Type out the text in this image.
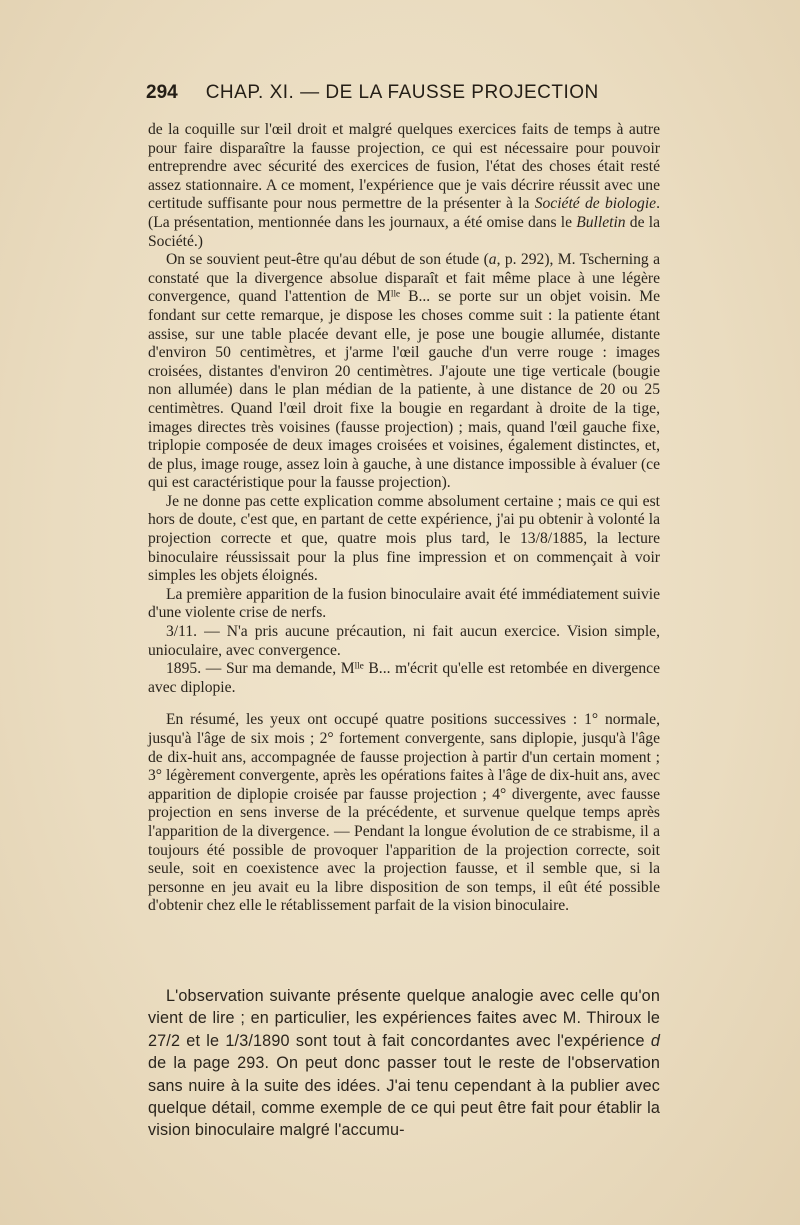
294 CHAP. XI. — DE LA FAUSSE PROJECTION

de la coquille sur l'œil droit et malgré quelques exercices faits de temps à autre pour faire disparaître la fausse projection, ce qui est nécessaire pour pouvoir entreprendre avec sécurité des exercices de fusion, l'état des choses était resté assez stationnaire. A ce moment, l'expérience que je vais décrire réussit avec une certitude suffisante pour nous permettre de la présenter à la Société de biologie. (La présentation, mentionnée dans les journaux, a été omise dans le Bulletin de la Société.)

On se souvient peut-être qu'au début de son étude (a, p. 292), M. Tscherning a constaté que la divergence absolue disparaît et fait même place à une légère convergence, quand l'attention de Mˡˡᵉ B... se porte sur un objet voisin. Me fondant sur cette remarque, je dispose les choses comme suit : la patiente étant assise, sur une table placée devant elle, je pose une bougie allumée, distante d'environ 50 centimètres, et j'arme l'œil gauche d'un verre rouge : images croisées, distantes d'environ 20 centimètres. J'ajoute une tige verticale (bougie non allumée) dans le plan médian de la patiente, à une distance de 20 ou 25 centimètres. Quand l'œil droit fixe la bougie en regardant à droite de la tige, images directes très voisines (fausse projection) ; mais, quand l'œil gauche fixe, triplopie composée de deux images croisées et voisines, également distinctes, et, de plus, image rouge, assez loin à gauche, à une distance impossible à évaluer (ce qui est caractéristique pour la fausse projection).

Je ne donne pas cette explication comme absolument certaine ; mais ce qui est hors de doute, c'est que, en partant de cette expérience, j'ai pu obtenir à volonté la projection correcte et que, quatre mois plus tard, le 13/8/1885, la lecture binoculaire réussissait pour la plus fine impression et on commençait à voir simples les objets éloignés.

La première apparition de la fusion binoculaire avait été immédiatement suivie d'une violente crise de nerfs.

3/11. — N'a pris aucune précaution, ni fait aucun exercice. Vision simple, unioculaire, avec convergence.

1895. — Sur ma demande, Mˡˡᵉ B... m'écrit qu'elle est retombée en divergence avec diplopie.

En résumé, les yeux ont occupé quatre positions successives : 1° normale, jusqu'à l'âge de six mois ; 2° fortement convergente, sans diplopie, jusqu'à l'âge de dix-huit ans, accompagnée de fausse projection à partir d'un certain moment ; 3° légèrement convergente, après les opérations faites à l'âge de dix-huit ans, avec apparition de diplopie croisée par fausse projection ; 4° divergente, avec fausse projection en sens inverse de la précédente, et survenue quelque temps après l'apparition de la divergence. — Pendant la longue évolution de ce strabisme, il a toujours été possible de provoquer l'apparition de la projection correcte, soit seule, soit en coexistence avec la projection fausse, et il semble que, si la personne en jeu avait eu la libre disposition de son temps, il eût été possible d'obtenir chez elle le rétablissement parfait de la vision binoculaire.

L'observation suivante présente quelque analogie avec celle qu'on vient de lire ; en particulier, les expériences faites avec M. Thiroux le 27/2 et le 1/3/1890 sont tout à fait concordantes avec l'expérience d de la page 293. On peut donc passer tout le reste de l'observation sans nuire à la suite des idées. J'ai tenu cependant à la publier avec quelque détail, comme exemple de ce qui peut être fait pour établir la vision binoculaire malgré l'accumu-
